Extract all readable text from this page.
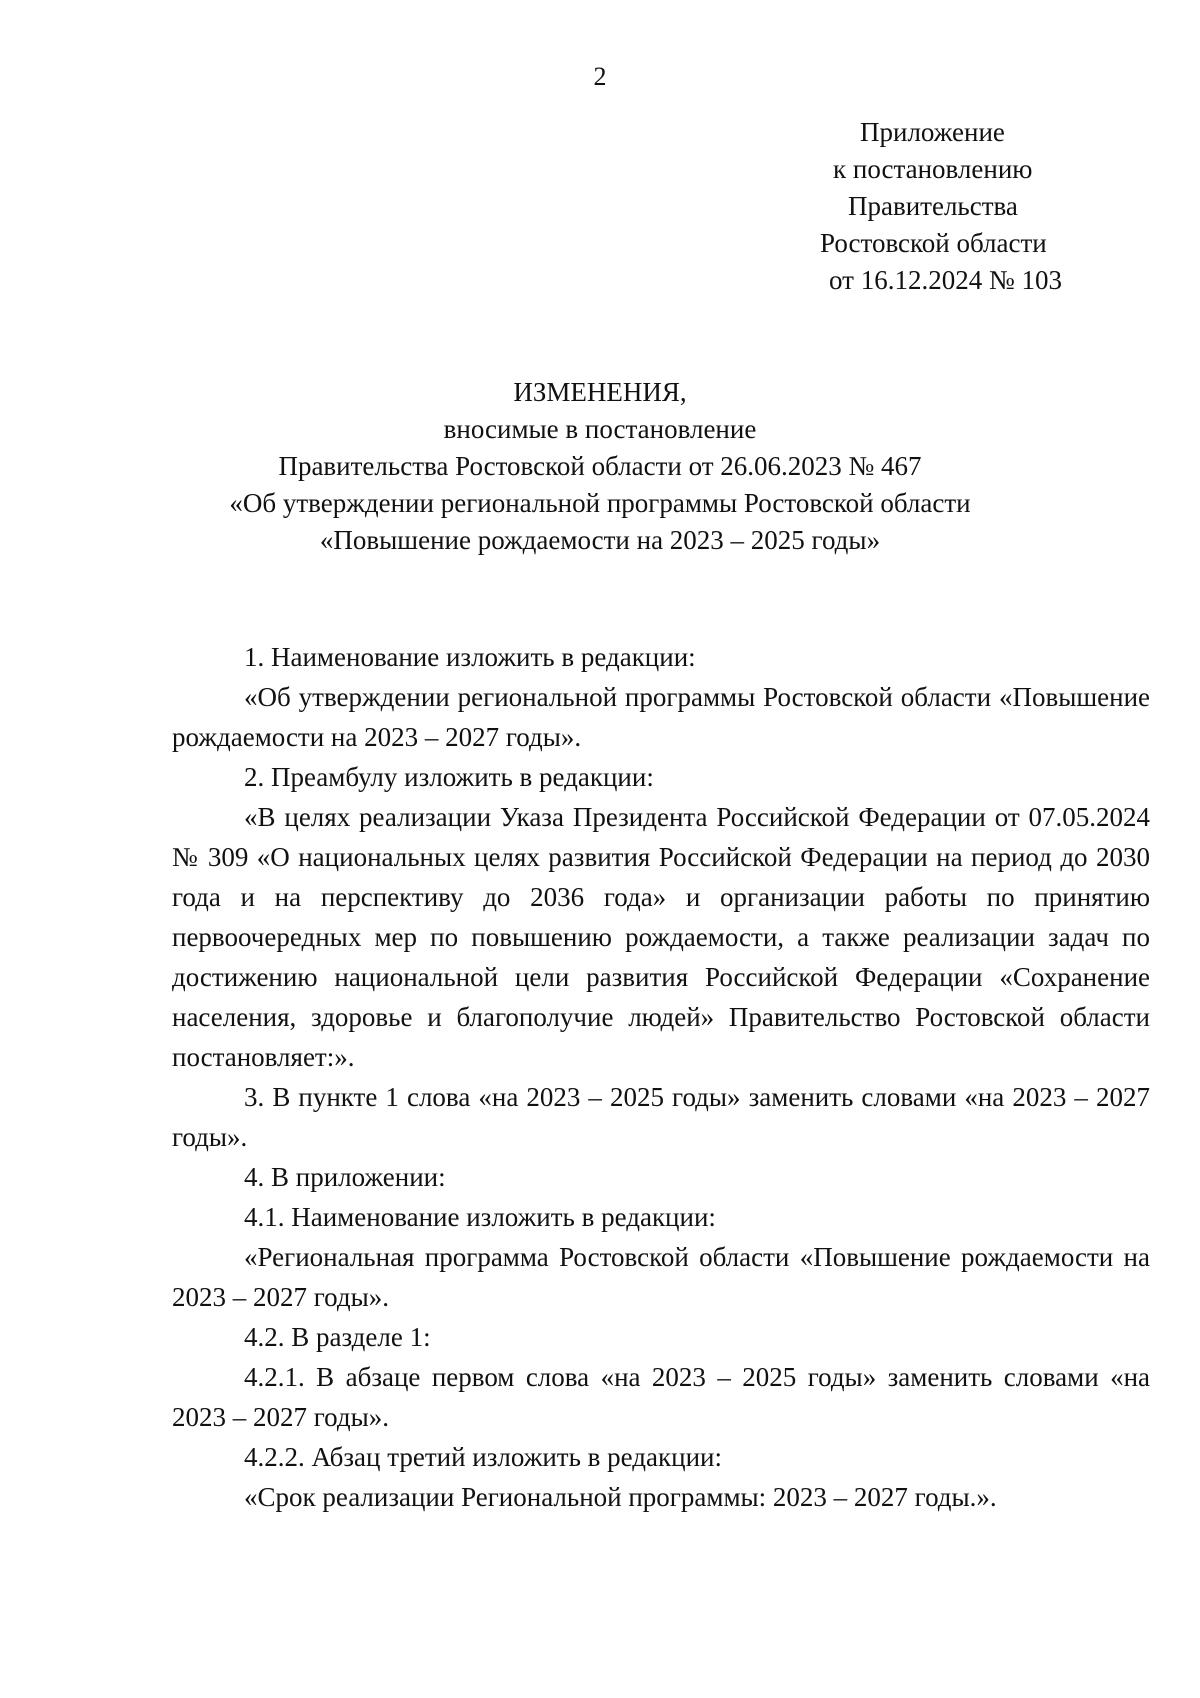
2
Приложение
к постановлению
Правительства
Ростовской области
от 16.12.2024 № 103
ИЗМЕНЕНИЯ,
вносимые в постановление
Правительства Ростовской области от 26.06.2023 № 467
«Об утверждении региональной программы Ростовской области
«Повышение рождаемости на 2023 – 2025 годы»

1. Наименование изложить в редакции:

«Об утверждении региональной программы Ростовской области «Повышение рождаемости на 2023 – 2027 годы».

2. Преамбулу изложить в редакции:

«В целях реализации Указа Президента Российской Федерации от 07.05.2024 № 309 «О национальных целях развития Российской Федерации на период до 2030 года и на перспективу до 2036 года» и организации работы по принятию первоочередных мер по повышению рождаемости, а также реализации задач по достижению национальной цели развития Российской Федерации «Сохранение населения, здоровье и благополучие людей» Правительство Ростовской области постановляет:».

3. В пункте 1 слова «на 2023 – 2025 годы» заменить словами «на 2023 – 2027 годы».

4. В приложении:

4.1. Наименование изложить в редакции:

«Региональная программа Ростовской области «Повышение рождаемости на 2023 – 2027 годы».

4.2. В разделе 1:

4.2.1. В абзаце первом слова «на 2023 – 2025 годы» заменить словами «на 2023 – 2027 годы».

4.2.2. Абзац третий изложить в редакции:

«Срок реализации Региональной программы: 2023 – 2027 годы.».
